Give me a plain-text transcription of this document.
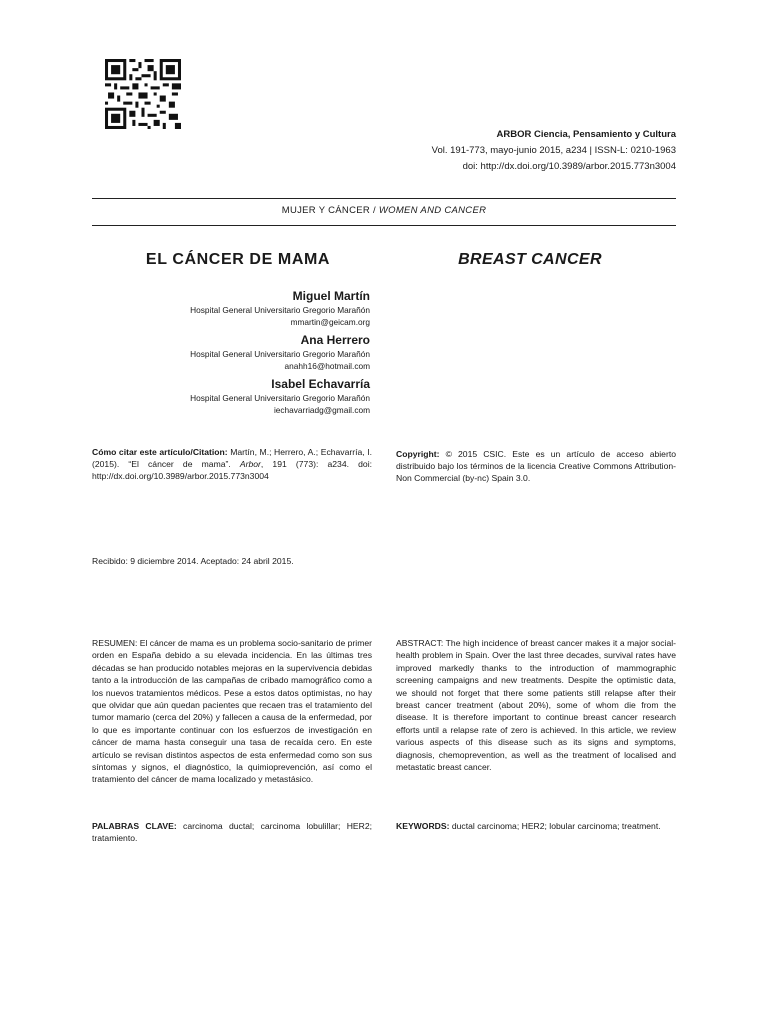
ARBOR Ciencia, Pensamiento y Cultura
Vol. 191-773, mayo-junio 2015, a234 | ISSN-L: 0210-1963
doi: http://dx.doi.org/10.3989/arbor.2015.773n3004
MUJER Y CÁNCER / WOMEN AND CANCER
EL CÁNCER DE MAMA	BREAST CANCER
Miguel Martín
Hospital General Universitario Gregorio Marañón
mmartin@geicam.org
Ana Herrero
Hospital General Universitario Gregorio Marañón
anahh16@hotmail.com
Isabel Echavarría
Hospital General Universitario Gregorio Marañón
iechavarriadg@gmail.com
Cómo citar este artículo/Citation: Martín, M.; Herrero, A.; Echavarría, I. (2015). “El cáncer de mama”. Arbor, 191 (773): a234. doi: http://dx.doi.org/10.3989/arbor.2015.773n3004
Copyright: © 2015 CSIC. Este es un artículo de acceso abierto distribuido bajo los términos de la licencia Creative Commons Attribution-Non Commercial (by-nc) Spain 3.0.
Recibido: 9 diciembre 2014. Aceptado: 24 abril 2015.
RESUMEN: El cáncer de mama es un problema socio-sanitario de primer orden en España debido a su elevada incidencia. En las últimas tres décadas se han producido notables mejoras en la supervivencia debidas tanto a la introducción de las campañas de cribado mamográfico como a los nuevos tratamientos médicos. Pese a estos datos optimistas, no hay que olvidar que aún quedan pacientes que recaen tras el tratamiento del tumor mamario (cerca del 20%) y fallecen a causa de la enfermedad, por lo que es importante continuar con los esfuerzos de investigación en cáncer de mama hasta conseguir una tasa de recaída cero. En este artículo se revisan distintos aspectos de esta enfermedad como son sus síntomas y signos, el diagnóstico, la quimioprevención, así como el tratamiento del cáncer de mama localizado y metastásico.
ABSTRACT: The high incidence of breast cancer makes it a major social-health problem in Spain. Over the last three decades, survival rates have improved markedly thanks to the introduction of mammographic screening campaigns and new treatments. Despite the optimistic data, we should not forget that there some patients still relapse after their breast cancer treatment (about 20%), some of whom die from the disease. It is therefore important to continue breast cancer research efforts until a relapse rate of zero is achieved. In this article, we review various aspects of this disease such as its signs and symptoms, diagnosis, chemoprevention, as well as the treatment of localised and metastatic breast cancer.
PALABRAS CLAVE: carcinoma ductal; carcinoma lobulillar; HER2; tratamiento.
KEYWORDS: ductal carcinoma; HER2; lobular carcinoma; treatment.
